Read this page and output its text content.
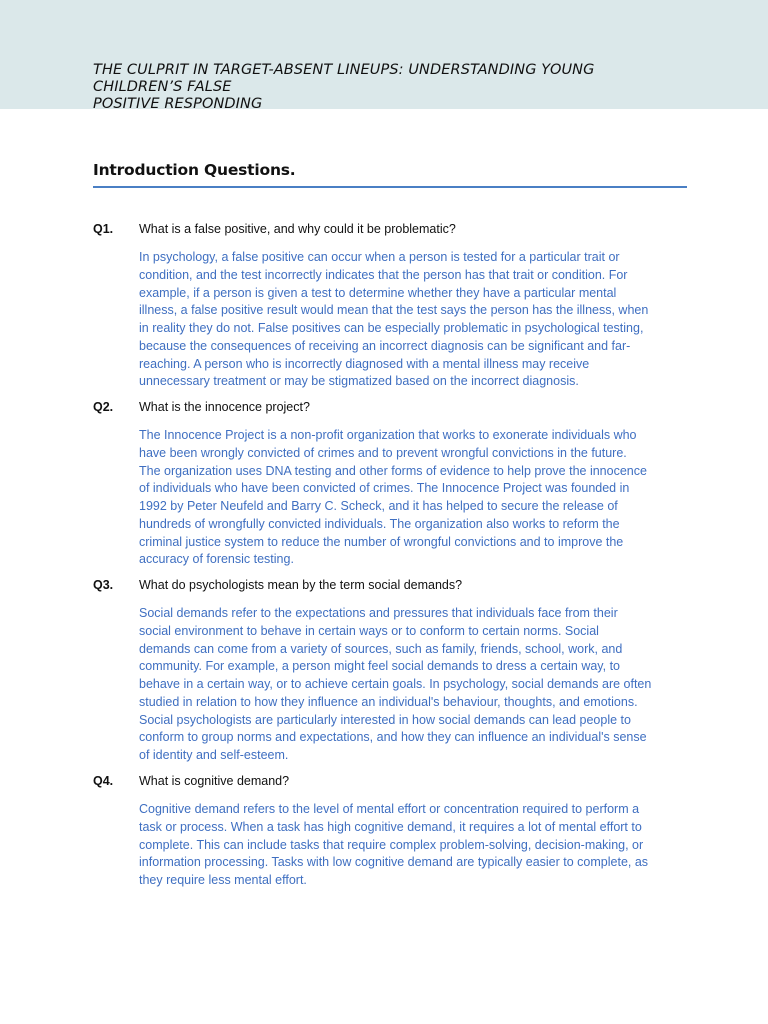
THE CULPRIT IN TARGET-ABSENT LINEUPS: UNDERSTANDING YOUNG
CHILDREN’S FALSE
POSITIVE RESPONDING
Introduction Questions.
Q1. What is a false positive, and why could it be problematic?
In psychology, a false positive can occur when a person is tested for a particular trait or
condition, and the test incorrectly indicates that the person has that trait or condition. For
example, if a person is given a test to determine whether they have a particular mental
illness, a false positive result would mean that the test says the person has the illness, when
in reality they do not. False positives can be especially problematic in psychological testing,
because the consequences of receiving an incorrect diagnosis can be significant and far-
reaching. A person who is incorrectly diagnosed with a mental illness may receive
unnecessary treatment or may be stigmatized based on the incorrect diagnosis.
Q2. What is the innocence project?
The Innocence Project is a non-profit organization that works to exonerate individuals who
have been wrongly convicted of crimes and to prevent wrongful convictions in the future.
The organization uses DNA testing and other forms of evidence to help prove the innocence
of individuals who have been convicted of crimes. The Innocence Project was founded in
1992 by Peter Neufeld and Barry C. Scheck, and it has helped to secure the release of
hundreds of wrongfully convicted individuals. The organization also works to reform the
criminal justice system to reduce the number of wrongful convictions and to improve the
accuracy of forensic testing.
Q3. What do psychologists mean by the term social demands?
Social demands refer to the expectations and pressures that individuals face from their
social environment to behave in certain ways or to conform to certain norms. Social
demands can come from a variety of sources, such as family, friends, school, work, and
community. For example, a person might feel social demands to dress a certain way, to
behave in a certain way, or to achieve certain goals. In psychology, social demands are often
studied in relation to how they influence an individual's behaviour, thoughts, and emotions.
Social psychologists are particularly interested in how social demands can lead people to
conform to group norms and expectations, and how they can influence an individual's sense
of identity and self-esteem.
Q4. What is cognitive demand?
Cognitive demand refers to the level of mental effort or concentration required to perform a
task or process. When a task has high cognitive demand, it requires a lot of mental effort to
complete. This can include tasks that require complex problem-solving, decision-making, or
information processing. Tasks with low cognitive demand are typically easier to complete, as
they require less mental effort.
